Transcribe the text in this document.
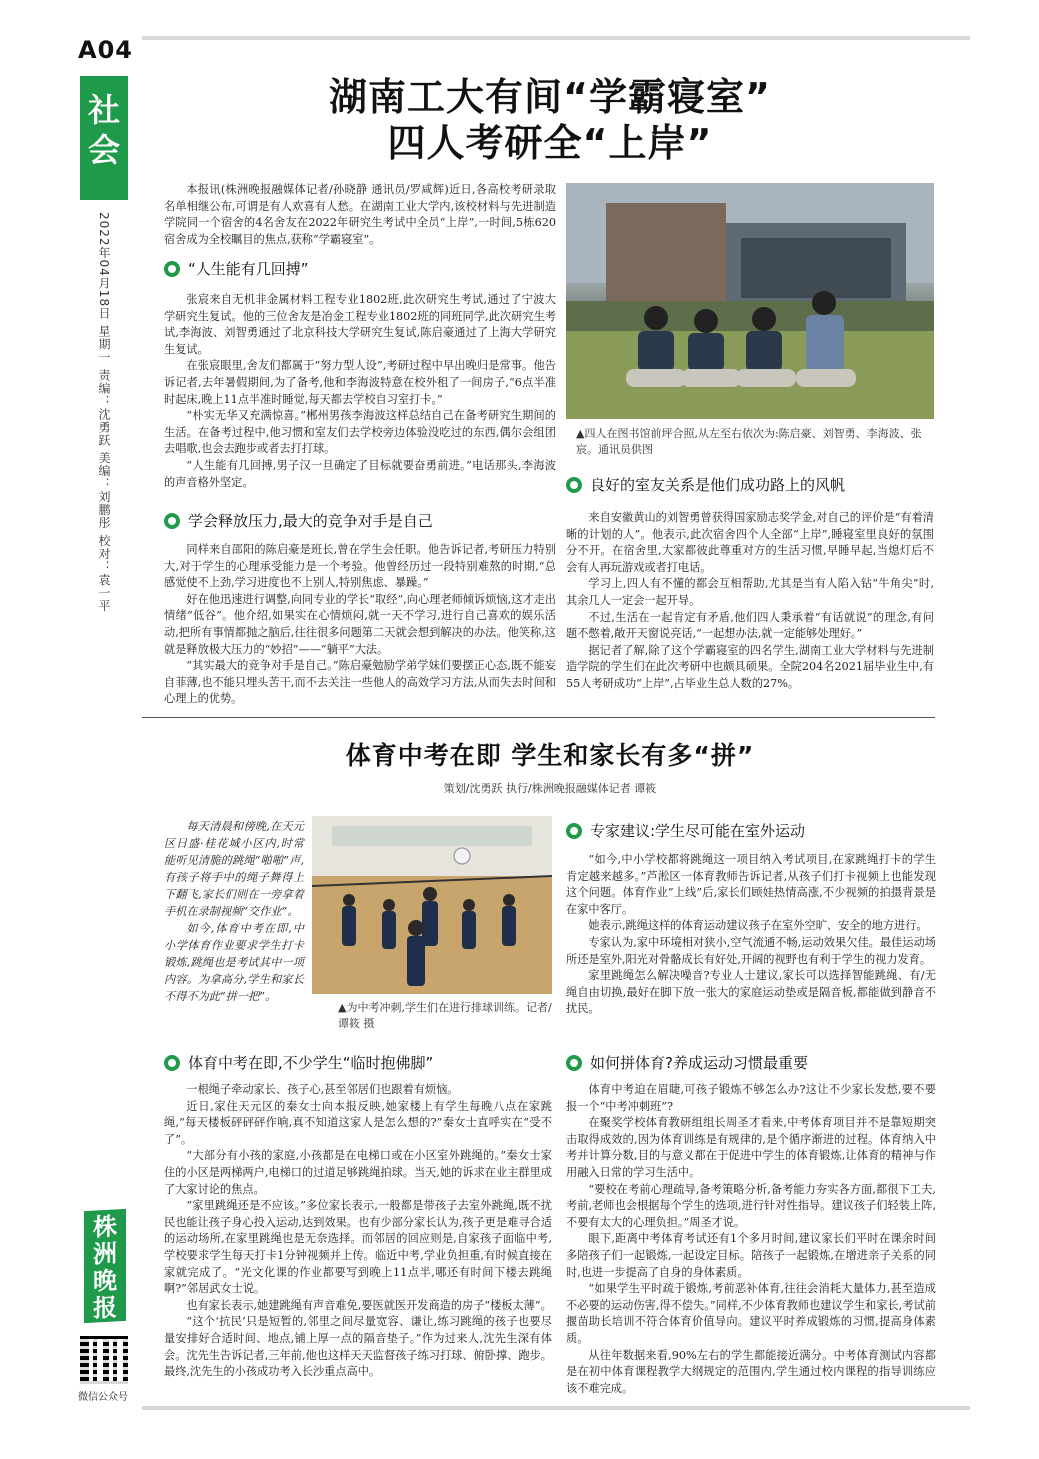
A04
社会
2022年04月18日 星期一 责编：沈勇跃 美编：刘鹏彤 校对：袁一平
株洲晚报
微信公众号
湖南工大有间“学霸寝室”
四人考研全“上岸”

本报讯(株洲晚报融媒体记者/孙晓静 通讯员/罗咸辉)近日,各高校考研录取名单相继公布,可谓是有人欢喜有人愁。在湖南工业大学内,该校材料与先进制造学院同一个宿舍的4名舍友在2022年研究生考试中全员“上岸”,一时间,5栋620宿舍成为全校瞩目的焦点,获称“学霸寝室”。

“人生能有几回搏”

张宸来自无机非金属材料工程专业1802班,此次研究生考试,通过了宁波大学研究生复试。他的三位舍友是冶金工程专业1802班的同班同学,此次研究生考试,李海波、刘智勇通过了北京科技大学研究生复试,陈启豪通过了上海大学研究生复试。

在张宸眼里,舍友们都属于“努力型人设”,考研过程中早出晚归是常事。他告诉记者,去年暑假期间,为了备考,他和李海波特意在校外租了一间房子,“6点半准时起床,晚上11点半准时睡觉,每天都去学校自习室打卡。”

“朴实无华又充满惊喜。”郴州男孩李海波这样总结自己在备考研究生期间的生活。在备考过程中,他习惯和室友们去学校旁边体验没吃过的东西,偶尔会组团去唱歌,也会去跑步或者去打打球。

“人生能有几回搏,男子汉一旦确定了目标就要奋勇前进。”电话那头,李海波的声音格外坚定。

学会释放压力,最大的竞争对手是自己

同样来自邵阳的陈启豪是班长,曾在学生会任职。他告诉记者,考研压力特别大,对于学生的心理承受能力是一个考验。他曾经历过一段特别难熬的时期,“总感觉使不上劲,学习进度也不上别人,特别焦虑、暴躁。”

好在他迅速进行调整,向同专业的学长“取经”,向心理老师倾诉烦恼,这才走出情绪“低谷”。他介绍,如果实在心情烦闷,就一天不学习,进行自己喜欢的娱乐活动,把所有事情都抛之脑后,往往很多问题第二天就会想到解决的办法。他笑称,这就是释放极大压力的“妙招”——“躺平”大法。

“其实最大的竞争对手是自己。”陈启豪勉励学弟学妹们要摆正心态,既不能妄自菲薄,也不能只埋头苦干,而不去关注一些他人的高效学习方法,从而失去时间和心理上的优势。

▲四人在图书馆前坪合照,从左至右依次为:陈启豪、刘智勇、李海波、张宸。通讯员供图
良好的室友关系是他们成功路上的风帆

来自安徽黄山的刘智勇曾获得国家励志奖学金,对自己的评价是“有着清晰的计划的人”。他表示,此次宿舍四个人全部“上岸”,睡寝室里良好的氛围分不开。在宿舍里,大家都彼此尊重对方的生活习惯,早睡早起,当熄灯后不会有人再玩游戏或者打电话。

学习上,四人有不懂的都会互相帮助,尤其是当有人陷入钻“牛角尖”时,其余几人一定会一起开导。

不过,生活在一起肯定有矛盾,他们四人秉承着“有话就说”的理念,有问题不憋着,敞开天窗说亮话,“一起想办法,就一定能够处理好。”

据记者了解,除了这个学霸寝室的四名学生,湖南工业大学材料与先进制造学院的学生们在此次考研中也颇具硕果。全院204名2021届毕业生中,有55人考研成功“上岸”,占毕业生总人数的27%。

体育中考在即 学生和家长有多“拼”
策划/沈勇跃 执行/株洲晚报融媒体记者 谭筱

每天清晨和傍晚,在天元区日盛·桂花城小区内,时常能听见清脆的跳绳“啪啪”声,有孩子将手中的绳子舞得上下翻飞,家长们则在一旁拿着手机在录制视频“交作业”。

如今,体育中考在即,中小学体育作业要求学生打卡锻炼,跳绳也是考试其中一项内容。为拿高分,学生和家长不得不为此“拼一把”。

▲为中考冲刺,学生们在进行排球训练。记者/谭筱 摄
专家建议:学生尽可能在室外运动

“如今,中小学校都将跳绳这一项目纳入考试项目,在家跳绳打卡的学生肯定越来越多。”芦淞区一体育教师告诉记者,从孩子们打卡视频上也能发现这个问题。体育作业”上线”后,家长们顾娃热情高涨,不少视频的拍摄背景是在家中客厅。

她表示,跳绳这样的体育运动建议孩子在室外空旷、安全的地方进行。

专家认为,家中环境相对狭小,空气流通不畅,运动效果欠佳。最佳运动场所还是室外,阳光对骨骼成长有好处,开阔的视野也有利于学生的视力发育。

家里跳绳怎么解决噪音?专业人士建议,家长可以选择智能跳绳、有/无绳自由切换,最好在脚下放一张大的家庭运动垫或是隔音板,都能做到静音不扰民。

体育中考在即,不少学生“临时抱佛脚”

一根绳子牵动家长、孩子心,甚至邻居们也跟着有烦恼。

近日,家住天元区的秦女士向本报反映,她家楼上有学生每晚八点在家跳绳,“每天楼板砰砰砰作响,真不知道这家人是怎么想的?”秦女士直呼实在“受不了”。

“大部分有小孩的家庭,小孩都是在电梯口或在小区室外跳绳的。”秦女士家住的小区是两梯两户,电梯口的过道足够跳绳拍球。当天,她的诉求在业主群里成了大家讨论的焦点。

“家里跳绳还是不应该。”多位家长表示,一般都是带孩子去室外跳绳,既不扰民也能让孩子身心投入运动,达到效果。也有少部分家长认为,孩子更是难寻合适的运动场所,在家里跳绳也是无奈选择。而邻居的回应则是,自家孩子面临中考,学校要求学生每天打卡1分钟视频并上传。临近中考,学业负担重,有时候直接在家就完成了。“光文化课的作业都要写到晚上11点半,哪还有时间下楼去跳绳啊?”邻居武女士说。

也有家长表示,她建跳绳有声音难免,要医就医开发商造的房子“楼板太薄”。

“这个‘抗民’只是短暂的,邻里之间尽量宽容、谦让,练习跳绳的孩子也要尽量安排好合适时间、地点,铺上厚一点的隔音垫子。”作为过来人,沈先生深有体会。沈先生告诉记者,三年前,他也这样天天监督孩子练习打球、俯卧撑、跑步。最终,沈先生的小孩成功考入长沙重点高中。

如何拼体育?养成运动习惯最重要

体育中考迫在眉睫,可孩子锻炼不够怎么办?这让不少家长发愁,要不要报一个“中考冲刺班”?

在聚奖学校体育教研组组长周圣才看来,中考体育项目并不是靠短期突击取得成效的,因为体育训练是有规律的,是个循序渐进的过程。体育纳入中考并计算分数,目的与意义都在于促进中学生的体育锻炼,让体育的精神与作用融入日常的学习生活中。

“要校在考前心理疏导,备考策略分析,备考能力夯实各方面,都很下工夫,考前,老师也会根据每个学生的选项,进行针对性指导。建议孩子们轻装上阵,不要有太大的心理负担。”周圣才说。

眼下,距离中考体育考试还有1个多月时间,建议家长们平时在课余时间多陪孩子们一起锻炼,一起设定目标。陪孩子一起锻炼,在增进亲子关系的同时,也进一步提高了自身的身体素质。

“如果学生平时疏于锻炼,考前恶补体育,往往会消耗大量体力,甚至造成不必要的运动伤害,得不偿失。”同样,不少体育教师也建议学生和家长,考试前揠苗助长培训不符合体育价值导向。建议平时养成锻炼的习惯,提高身体素质。

从往年数据来看,90%左右的学生都能接近满分。中考体育测试内容都是在初中体育课程教学大纲规定的范围内,学生通过校内课程的指导训练应该不难完成。
